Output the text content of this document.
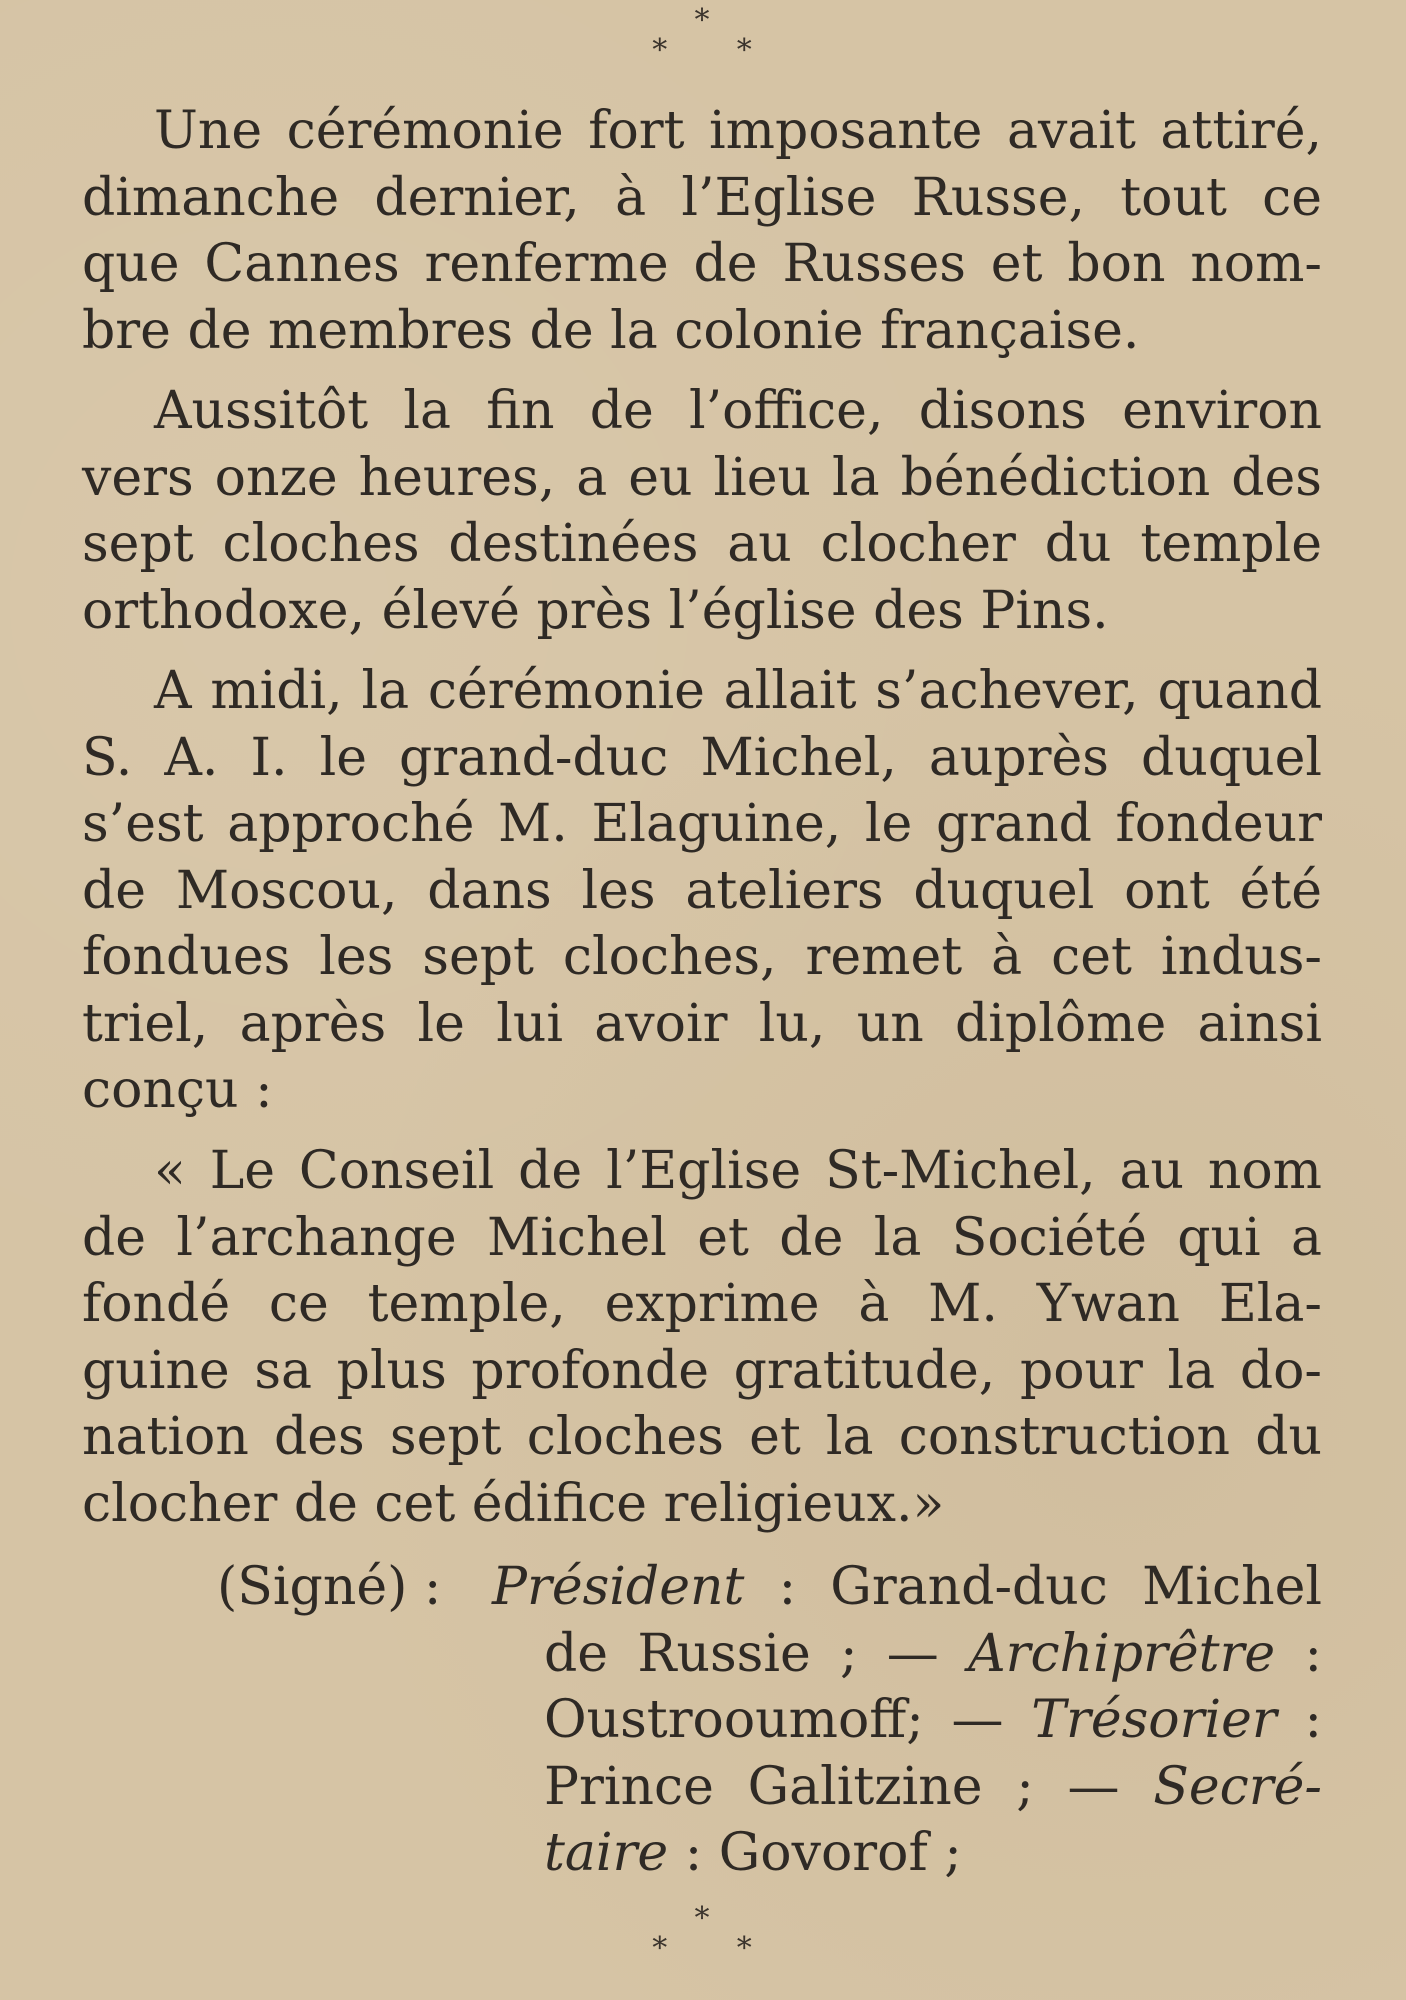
*
* *
Une cérémonie fort imposante avait attiré,
dimanche dernier, à l’Eglise Russe, tout ce
que Cannes renferme de Russes et bon nom-
bre de membres de la colonie française.
Aussitôt la fin de l’office, disons environ
vers onze heures, a eu lieu la bénédiction des
sept cloches destinées au clocher du temple
orthodoxe, élevé près l’église des Pins.
A midi, la cérémonie allait s’achever, quand
S. A. I. le grand-duc Michel, auprès duquel
s’est approché M. Elaguine, le grand fondeur
de Moscou, dans les ateliers duquel ont été
fondues les sept cloches, remet à cet indus-
triel, après le lui avoir lu, un diplôme ainsi
conçu :
« Le Conseil de l’Eglise St-Michel, au nom
de l’archange Michel et de la Société qui a
fondé ce temple, exprime à M. Ywan Ela-
guine sa plus profonde gratitude, pour la do-
nation des sept cloches et la construction du
clocher de cet édifice religieux.»
(Signé) : Président : Grand-duc Michel
de Russie ; — Archiprêtre :
Oustrooumoff; — Trésorier :
Prince Galitzine ; — Secré-
taire : Govorof ;
*
* *
